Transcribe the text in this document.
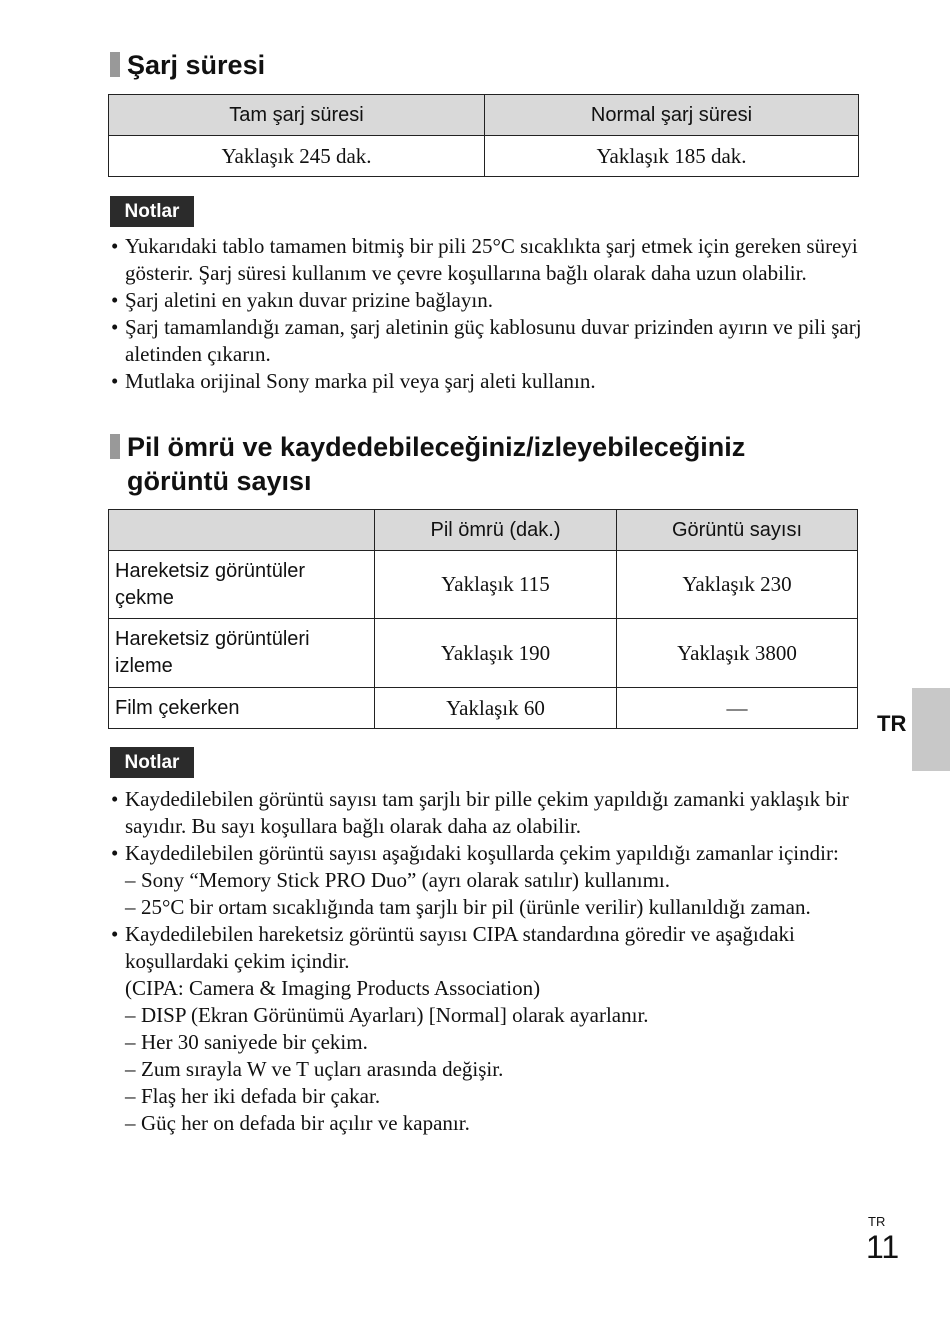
Şarj süresi
Tam şarj süresi	Normal şarj süresi
Yaklaşık 245 dak.	Yaklaşık 185 dak.
Notlar
• Yukarıdaki tablo tamamen bitmiş bir pili 25°C sıcaklıkta şarj etmek için gereken süreyi gösterir. Şarj süresi kullanım ve çevre koşullarına bağlı olarak daha uzun olabilir.
• Şarj aletini en yakın duvar prizine bağlayın.
• Şarj tamamlandığı zaman, şarj aletinin güç kablosunu duvar prizinden ayırın ve pili şarj aletinden çıkarın.
• Mutlaka orijinal Sony marka pil veya şarj aleti kullanın.
Pil ömrü ve kaydedebileceğiniz/izleyebileceğiniz
görüntü sayısı
	Pil ömrü (dak.)	Görüntü sayısı
Hareketsiz görüntüler çekme	Yaklaşık 115	Yaklaşık 230
Hareketsiz görüntüleri izleme	Yaklaşık 190	Yaklaşık 3800
Film çekerken	Yaklaşık 60	—
Notlar
• Kaydedilebilen görüntü sayısı tam şarjlı bir pille çekim yapıldığı zamanki yaklaşık bir sayıdır. Bu sayı koşullara bağlı olarak daha az olabilir.
• Kaydedilebilen görüntü sayısı aşağıdaki koşullarda çekim yapıldığı zamanlar içindir:
– Sony “Memory Stick PRO Duo” (ayrı olarak satılır) kullanımı.
– 25°C bir ortam sıcaklığında tam şarjlı bir pil (ürünle verilir) kullanıldığı zaman.
• Kaydedilebilen hareketsiz görüntü sayısı CIPA standardına göredir ve aşağıdaki koşullardaki çekim içindir.
(CIPA: Camera & Imaging Products Association)
– DISP (Ekran Görünümü Ayarları) [Normal] olarak ayarlanır.
– Her 30 saniyede bir çekim.
– Zum sırayla W ve T uçları arasında değişir.
– Flaş her iki defada bir çakar.
– Güç her on defada bir açılır ve kapanır.
TR
TR
11
